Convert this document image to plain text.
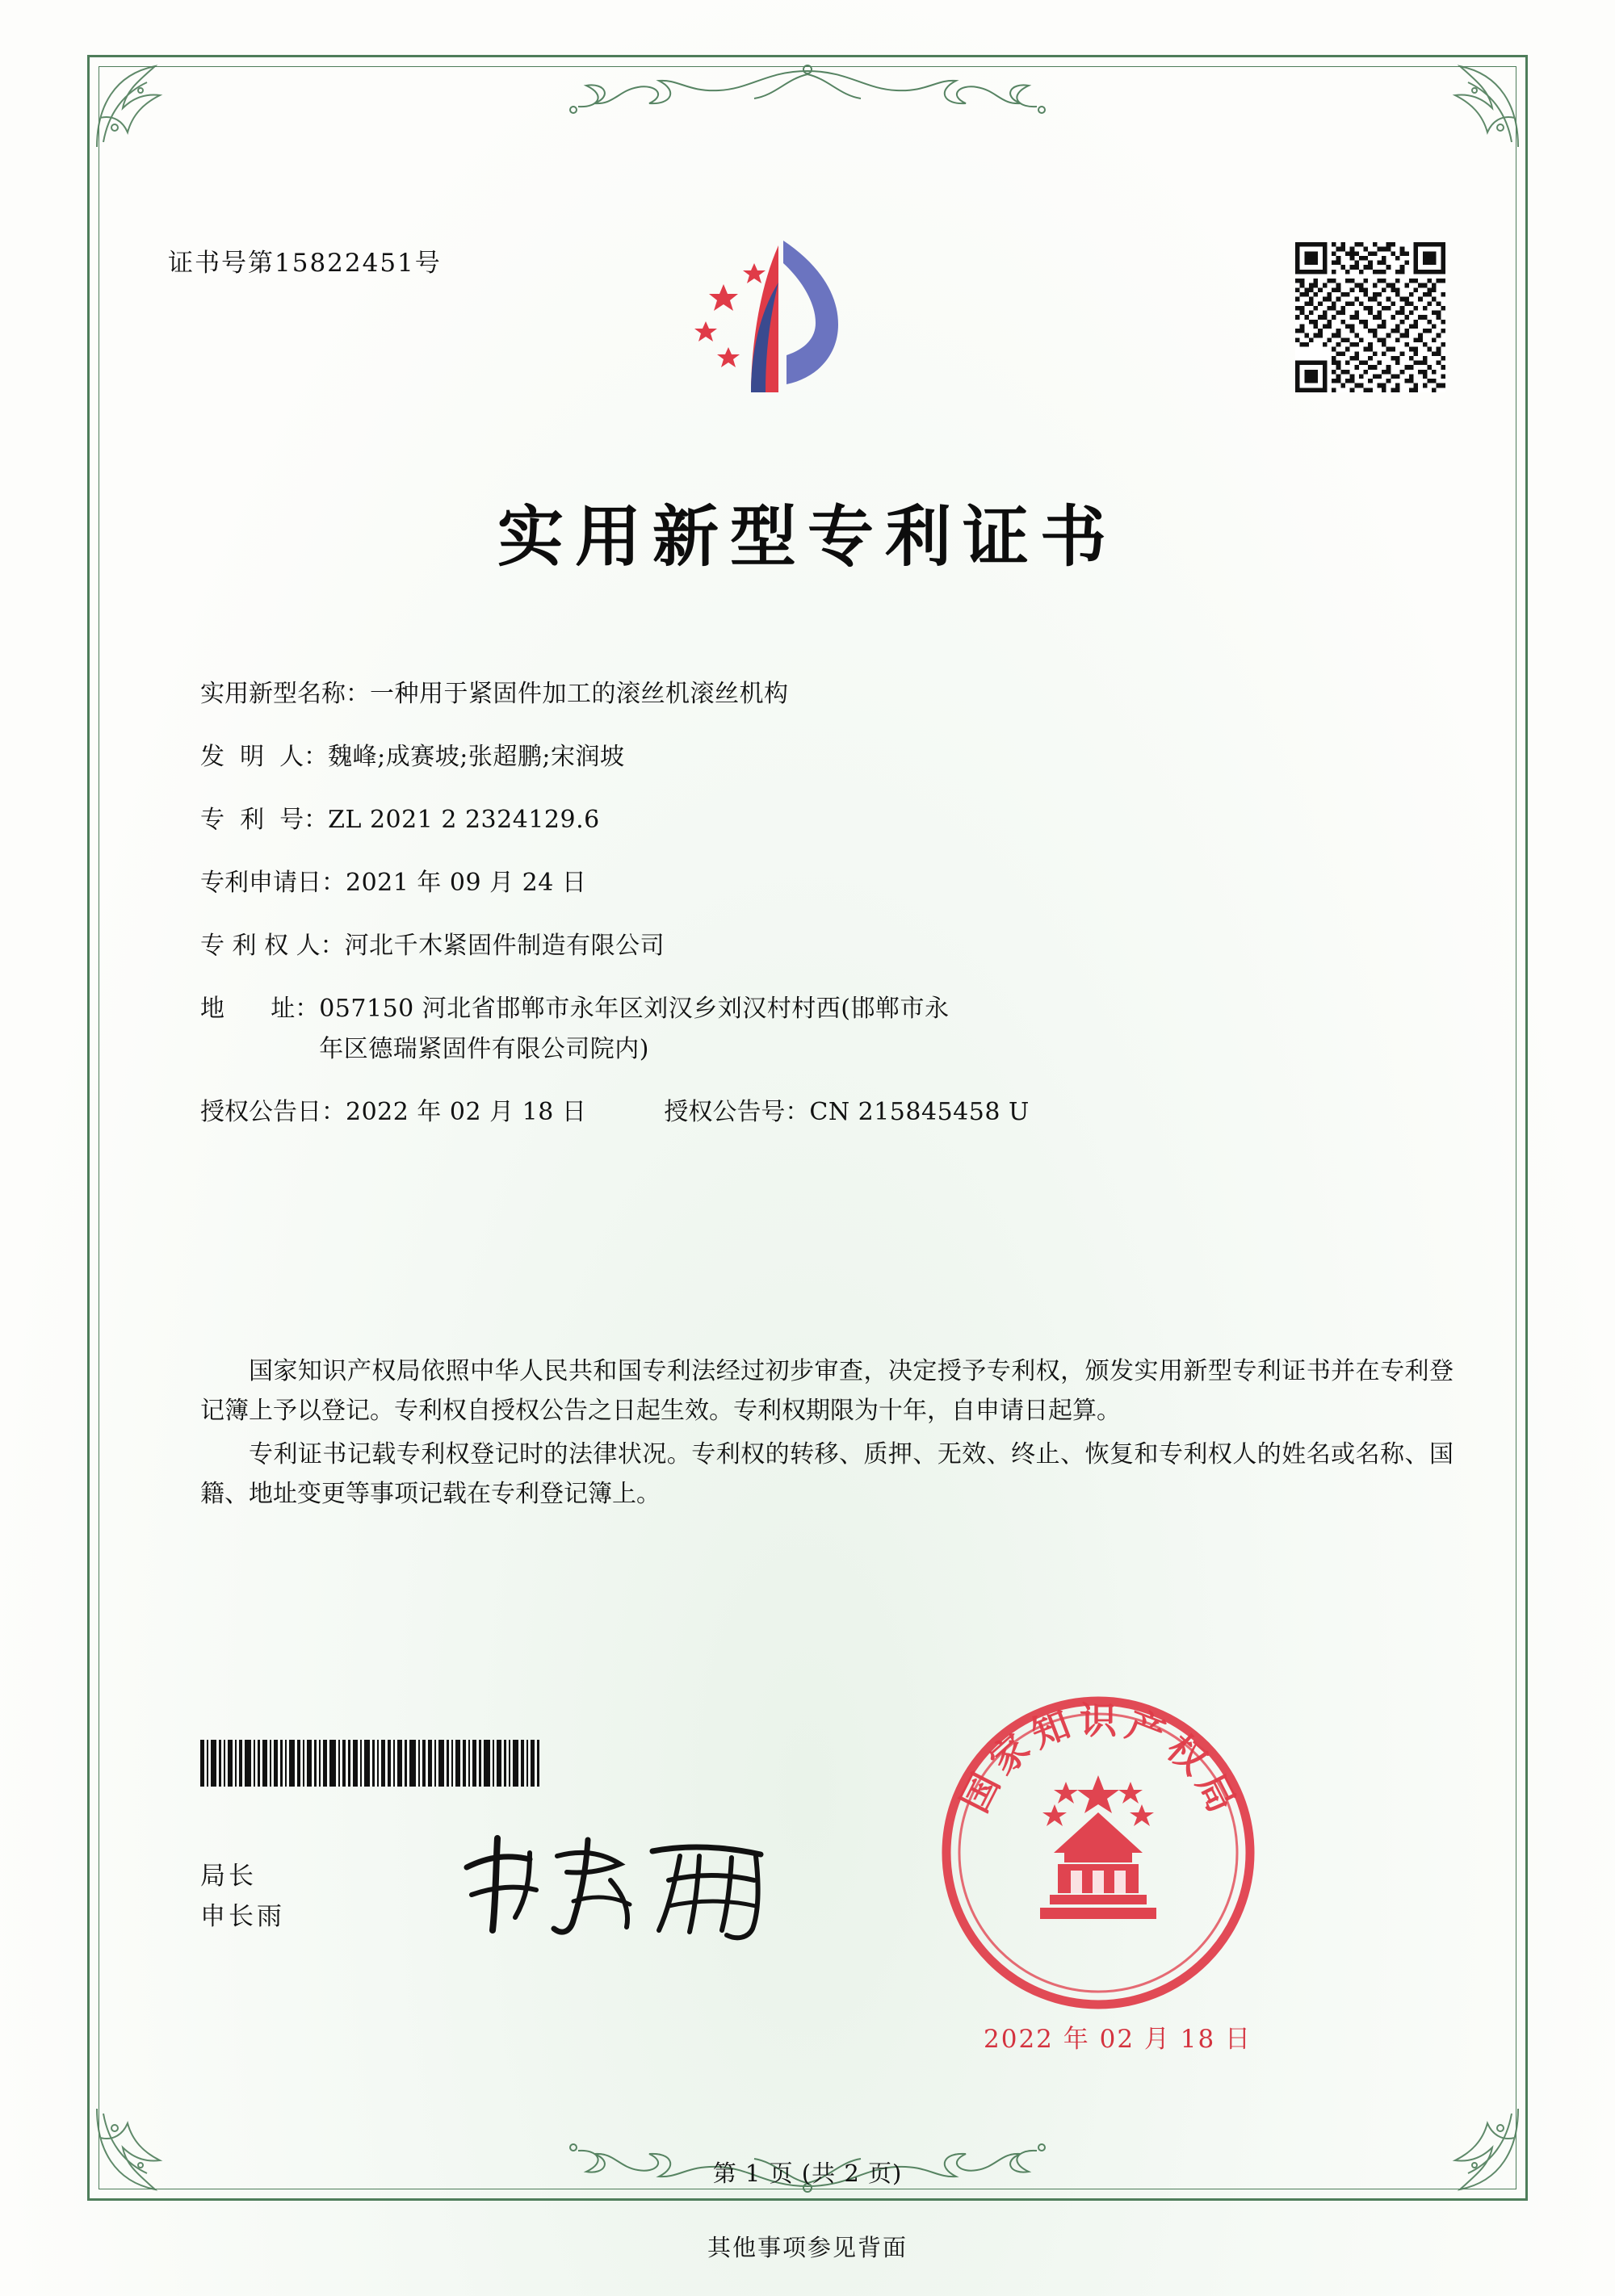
证书号第15822451号
实用新型专利证书
实用新型名称： 一种用于紧固件加工的滚丝机滚丝机构
发  明  人： 魏峰;成赛坡;张超鹏;宋润坡
专  利  号： ZL 2021 2 2324129.6
专利申请日： 2021 年 09 月 24 日
专 利 权 人： 河北千木紧固件制造有限公司
地      址： 057150 河北省邯郸市永年区刘汉乡刘汉村村西(邯郸市永
年区德瑞紧固件有限公司院内)
授权公告日： 2022 年 02 月 18 日	授权公告号： CN 215845458 U

国家知识产权局依照中华人民共和国专利法经过初步审查，决定授予专利权，颁发实用新型专利证书并在专利登记簿上予以登记。专利权自授权公告之日起生效。专利权期限为十年，自申请日起算。

专利证书记载专利权登记时的法律状况。专利权的转移、质押、无效、终止、恢复和专利权人的姓名或名称、国籍、地址变更等事项记载在专利登记簿上。

局长
申长雨
国
家
知 识 产
权
局
2022 年 02 月 18 日
第 1 页 (共 2 页)
其他事项参见背面
